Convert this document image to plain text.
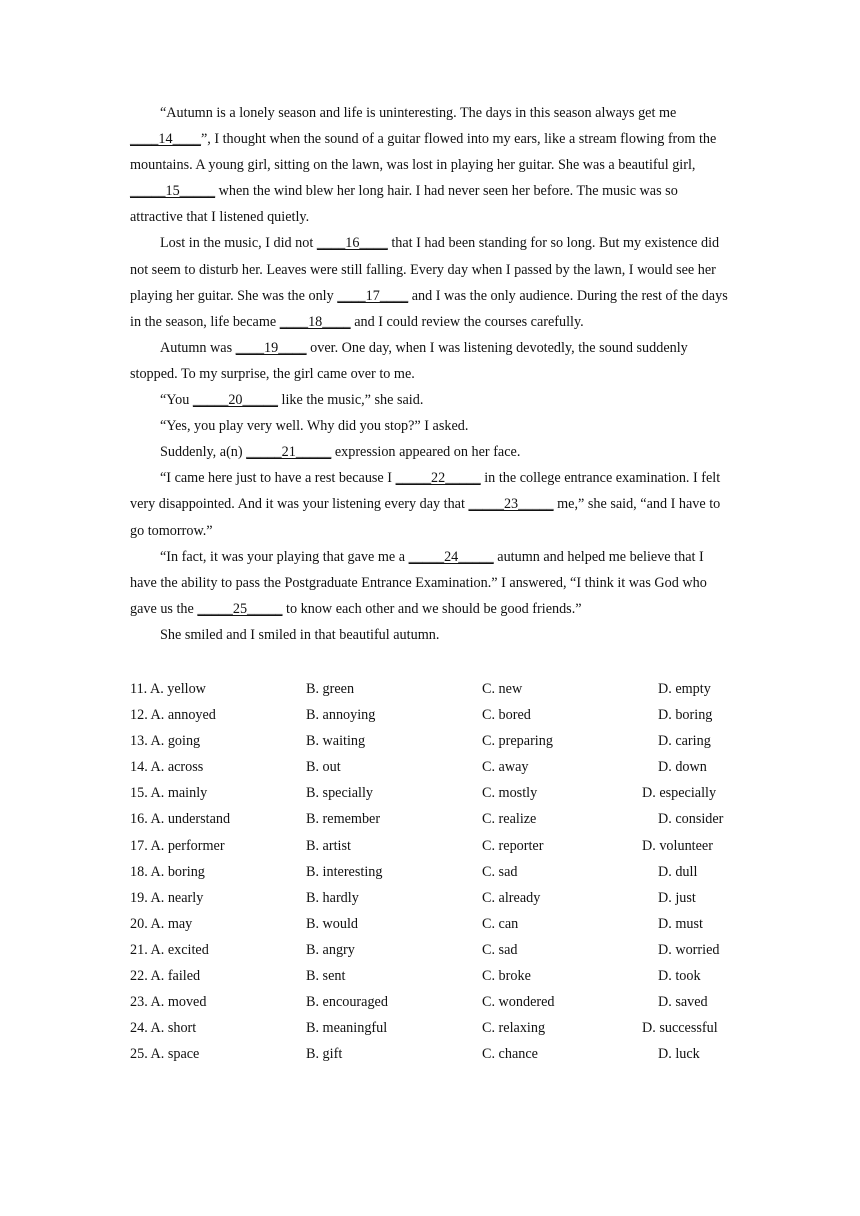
“Autumn is a lonely season and life is uninteresting. The days in this season always get me ____14____”, I thought when the sound of a guitar flowed into my ears, like a stream flowing from the mountains. A young girl, sitting on the lawn, was lost in playing her guitar. She was a beautiful girl, _____15_____ when the wind blew her long hair. I had never seen her before. The music was so attractive that I listened quietly.

Lost in the music, I did not ____16____ that I had been standing for so long. But my existence did not seem to disturb her. Leaves were still falling. Every day when I passed by the lawn, I would see her playing her guitar. She was the only ____17____ and I was the only audience. During the rest of the days in the season, life became ____18____ and I could review the courses carefully.

Autumn was ____19____ over. One day, when I was listening devotedly, the sound suddenly stopped. To my surprise, the girl came over to me.

“You _____20_____ like the music,” she said.

“Yes, you play very well. Why did you stop?” I asked.

Suddenly, a(n) _____21_____ expression appeared on her face.

“I came here just to have a rest because I _____22_____ in the college entrance examination. I felt very disappointed. And it was your listening every day that _____23_____ me,” she said, “and I have to go tomorrow.”

“In fact, it was your playing that gave me a _____24_____ autumn and helped me believe that I have the ability to pass the Postgraduate Entrance Examination.” I answered, “I think it was God who gave us the _____25_____ to know each other and we should be good friends.”

She smiled and I smiled in that beautiful autumn.

11. A. yellow	B. green	C. new	D. empty
12. A. annoyed	B. annoying	C. bored	D. boring
13. A. going	B. waiting	C. preparing	D. caring
14. A. across	B. out	C. away	D. down
15. A. mainly	B. specially	C. mostly	D. especially
16. A. understand	B. remember	C. realize	D. consider
17. A. performer	B. artist	C. reporter	D. volunteer
18. A. boring	B. interesting	C. sad	D. dull
19. A. nearly	B. hardly	C. already	D. just
20. A. may	B. would	C. can	D. must
21. A. excited	B. angry	C. sad	D. worried
22. A. failed	B. sent	C. broke	D. took
23. A. moved	B. encouraged	C. wondered	D. saved
24. A. short	B. meaningful	C. relaxing	D. successful
25. A. space	B. gift	C. chance	D. luck
